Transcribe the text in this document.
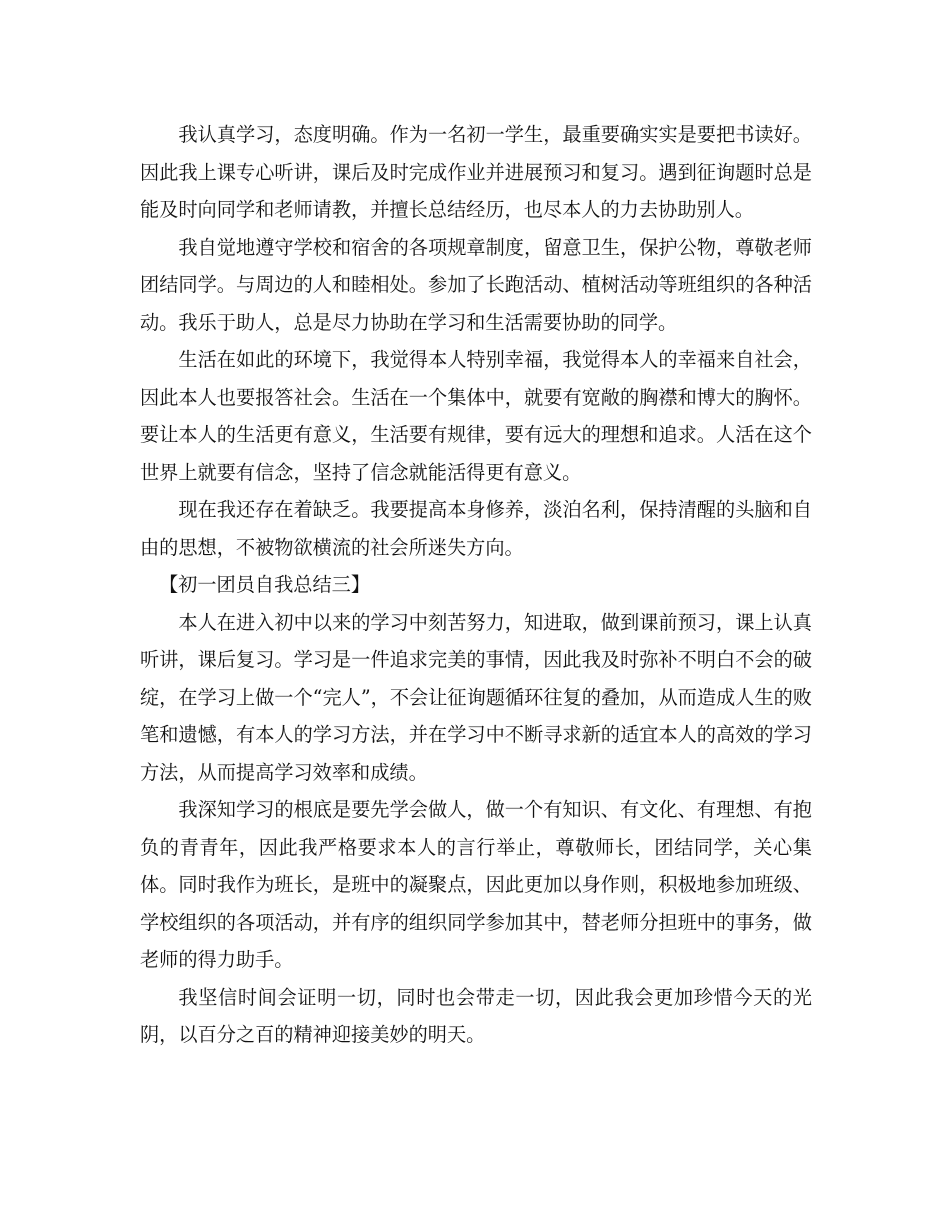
我认真学习，态度明确。作为一名初一学生，最重要确实实是要把书读好。因此我上课专心听讲，课后及时完成作业并进展预习和复习。遇到征询题时总是能及时向同学和老师请教，并擅长总结经历，也尽本人的力去协助别人。

我自觉地遵守学校和宿舍的各项规章制度，留意卫生，保护公物，尊敬老师团结同学。与周边的人和睦相处。参加了长跑活动、植树活动等班组织的各种活动。我乐于助人，总是尽力协助在学习和生活需要协助的同学。

生活在如此的环境下，我觉得本人特别幸福，我觉得本人的幸福来自社会，因此本人也要报答社会。生活在一个集体中，就要有宽敞的胸襟和博大的胸怀。要让本人的生活更有意义，生活要有规律，要有远大的理想和追求。人活在这个世界上就要有信念，坚持了信念就能活得更有意义。

现在我还存在着缺乏。我要提高本身修养，淡泊名利，保持清醒的头脑和自由的思想，不被物欲横流的社会所迷失方向。

【初一团员自我总结三】

本人在进入初中以来的学习中刻苦努力，知进取，做到课前预习，课上认真听讲，课后复习。学习是一件追求完美的事情，因此我及时弥补不明白不会的破绽，在学习上做一个“完人”，不会让征询题循环往复的叠加，从而造成人生的败笔和遗憾，有本人的学习方法，并在学习中不断寻求新的适宜本人的高效的学习方法，从而提高学习效率和成绩。

我深知学习的根底是要先学会做人，做一个有知识、有文化、有理想、有抱负的青青年，因此我严格要求本人的言行举止，尊敬师长，团结同学，关心集体。同时我作为班长，是班中的凝聚点，因此更加以身作则，积极地参加班级、学校组织的各项活动，并有序的组织同学参加其中，替老师分担班中的事务，做老师的得力助手。

我坚信时间会证明一切，同时也会带走一切，因此我会更加珍惜今天的光阴，以百分之百的精神迎接美妙的明天。
